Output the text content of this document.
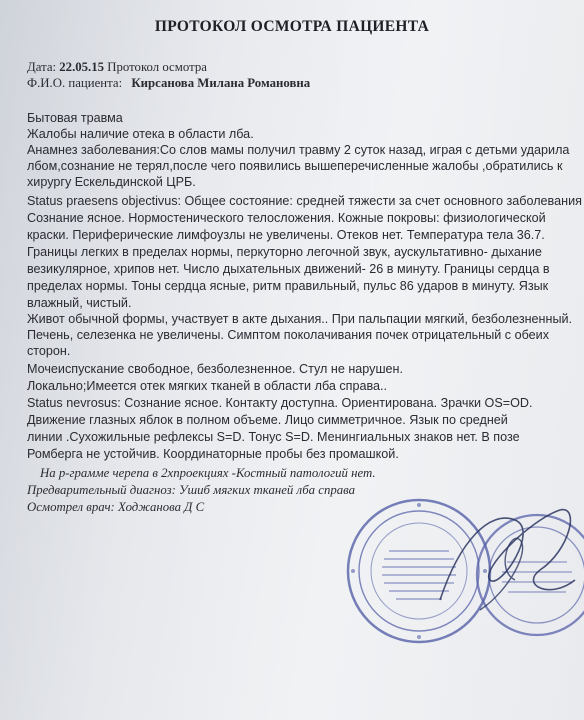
ПРОТОКОЛ ОСМОТРА ПАЦИЕНТА
Дата: 22.05.15 Протокол осмотра
Ф.И.О. пациента: Кирсанова Милана Романовна
Бытовая травма
Жалобы наличие отека в области лба.
Анамнез заболевания:Со слов мамы получил травму 2 суток назад, играя с детьми ударила
лбом,сознание не терял,после чего появились вышеперечисленные жалобы ,обратились к
хирургу Ескельдинской ЦРБ.
Status praesens objectivus: Общее состояние: средней тяжести за счет основного заболевания
Сознание ясное. Нормостенического телосложения. Кожные покровы: физиологической
краски. Периферические лимфоузлы не увеличены. Отеков нет. Температура тела 36.7.
Границы легких в пределах нормы, перкуторно легочной звук, аускультативно- дыхание
везикулярное, хрипов нет. Число дыхательных движений- 26 в минуту. Границы сердца в
пределах нормы. Тоны сердца ясные, ритм правильный, пульс 86 ударов в минуту. Язык
влажный, чистый.
Живот обычной формы, участвует в акте дыхания.. При пальпации мягкий, безболезненный.
Печень, селезенка не увеличены. Симптом поколачивания почек отрицательный с обеих
сторон.
Мочеиспускание свободное, безболезненное. Стул не нарушен.
Локально;Имеется отек мягких тканей в области лба справа..
Status nevrosus: Сознание ясное. Контакту доступна. Ориентирована. Зрачки OS=OD.
Движение глазных яблок в полном объеме. Лицо симметричное. Язык по средней
линии .Сухожильные рефлексы S=D. Тонус S=D. Менингиальных знаков нет. В позе
Ромберга не устойчив. Координаторные пробы без промашкой.
На р-грамме черепа в 2хпроекциях -Костный патологий нет.
Предварительный диагноз: Ушиб мягких тканей лба справа
Осмотрел врач: Ходжанова Д С
